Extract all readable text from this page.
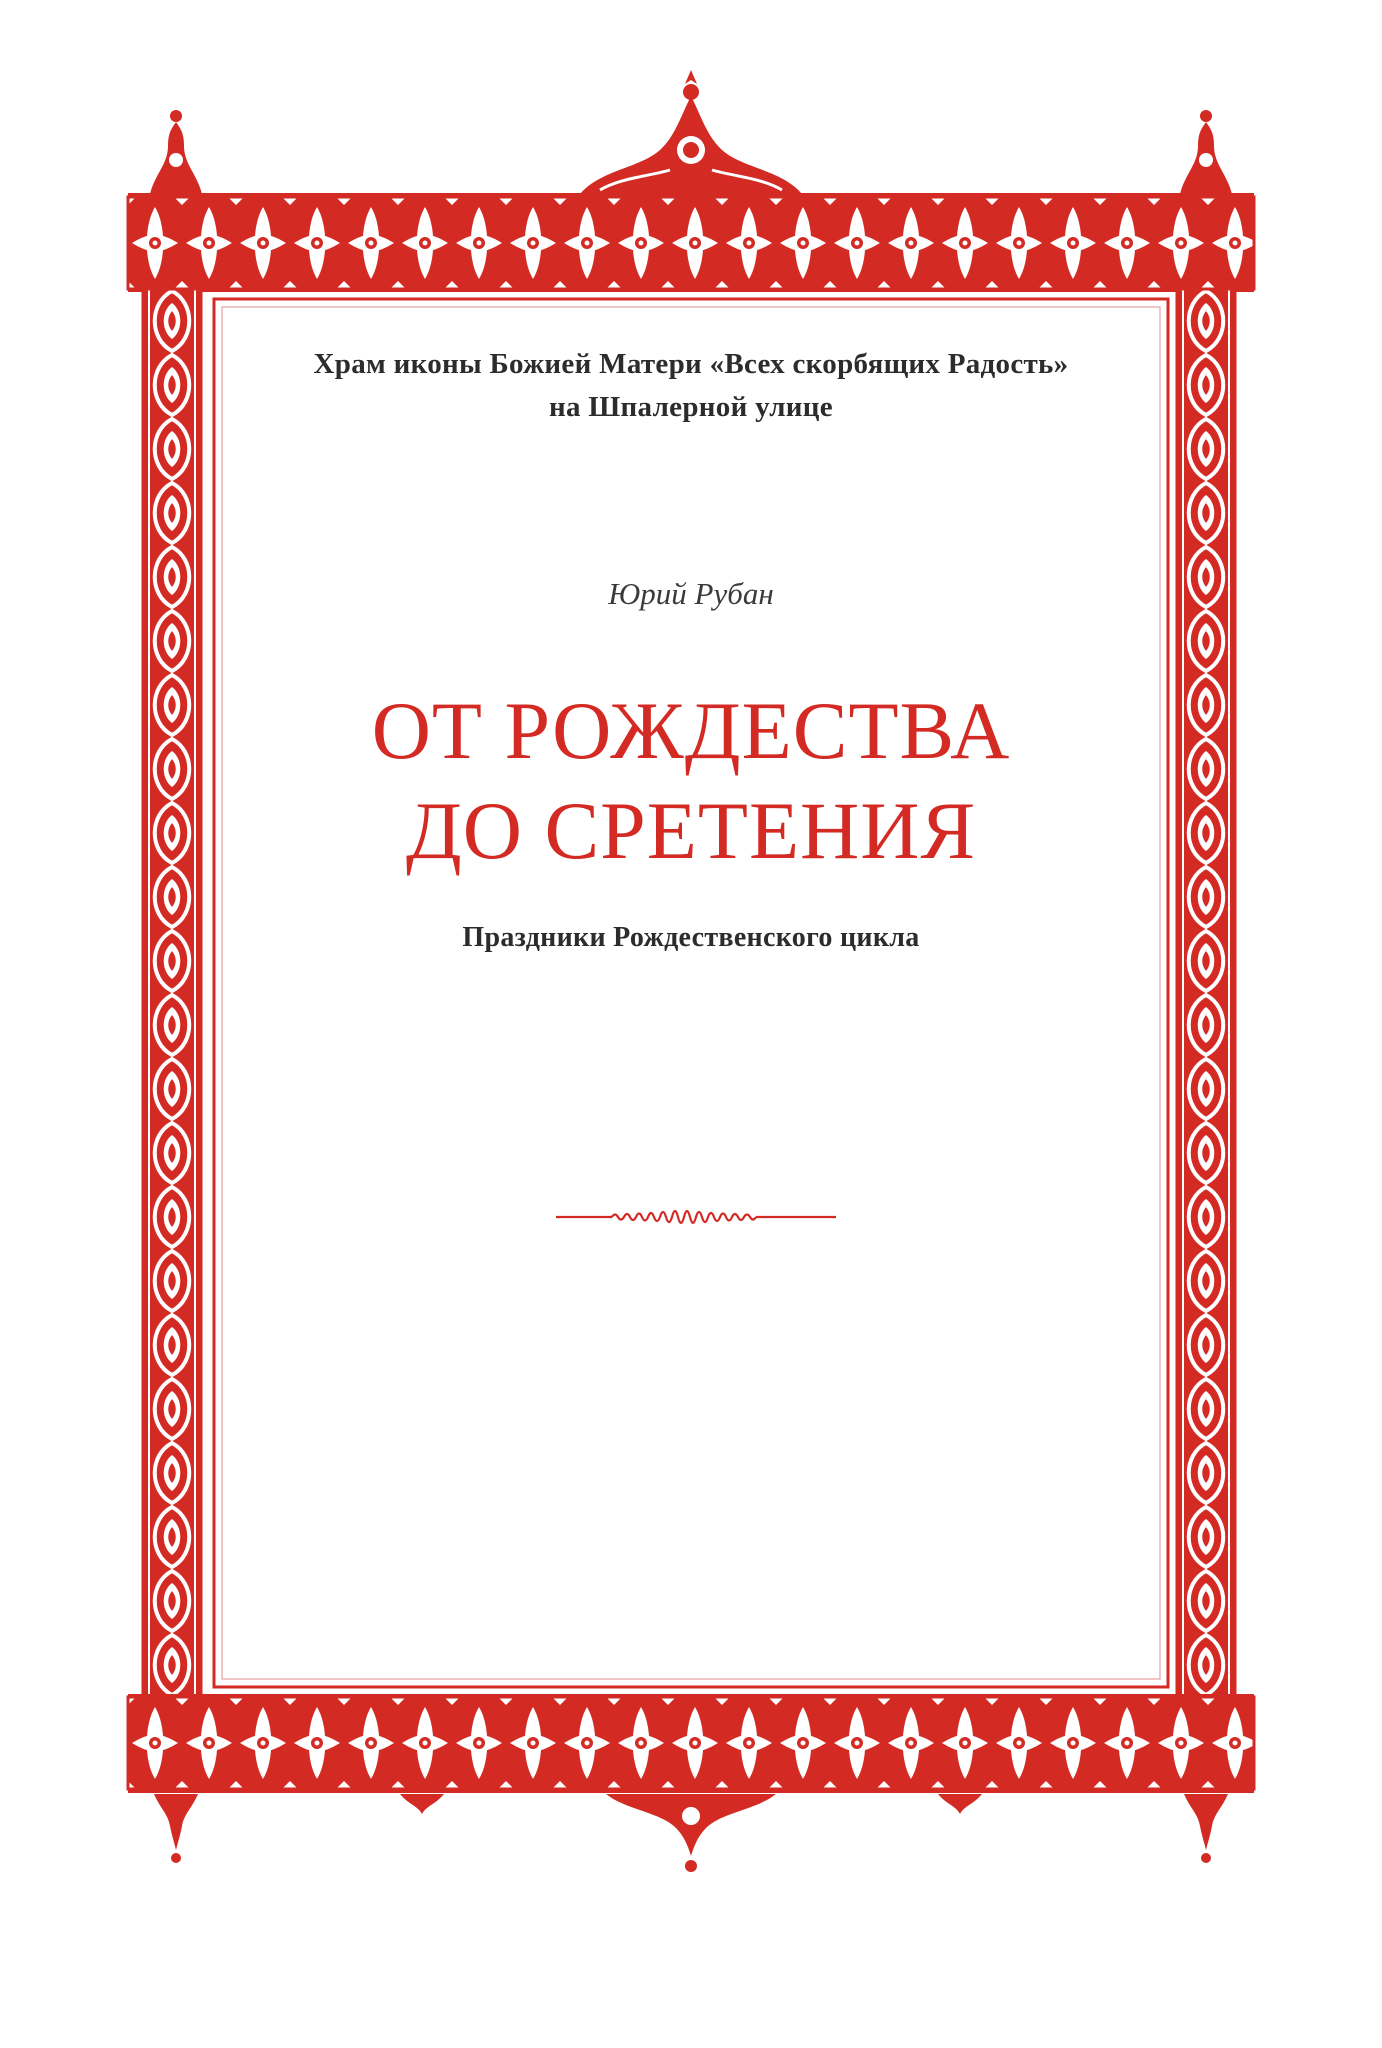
Храм иконы Божией Матери «Всех скорбящих Радость»

на Шпалерной улице

Юрий Рубан

ОТ РОЖДЕСТВА

ДО СРЕТЕНИЯ

Праздники Рождественского цикла
